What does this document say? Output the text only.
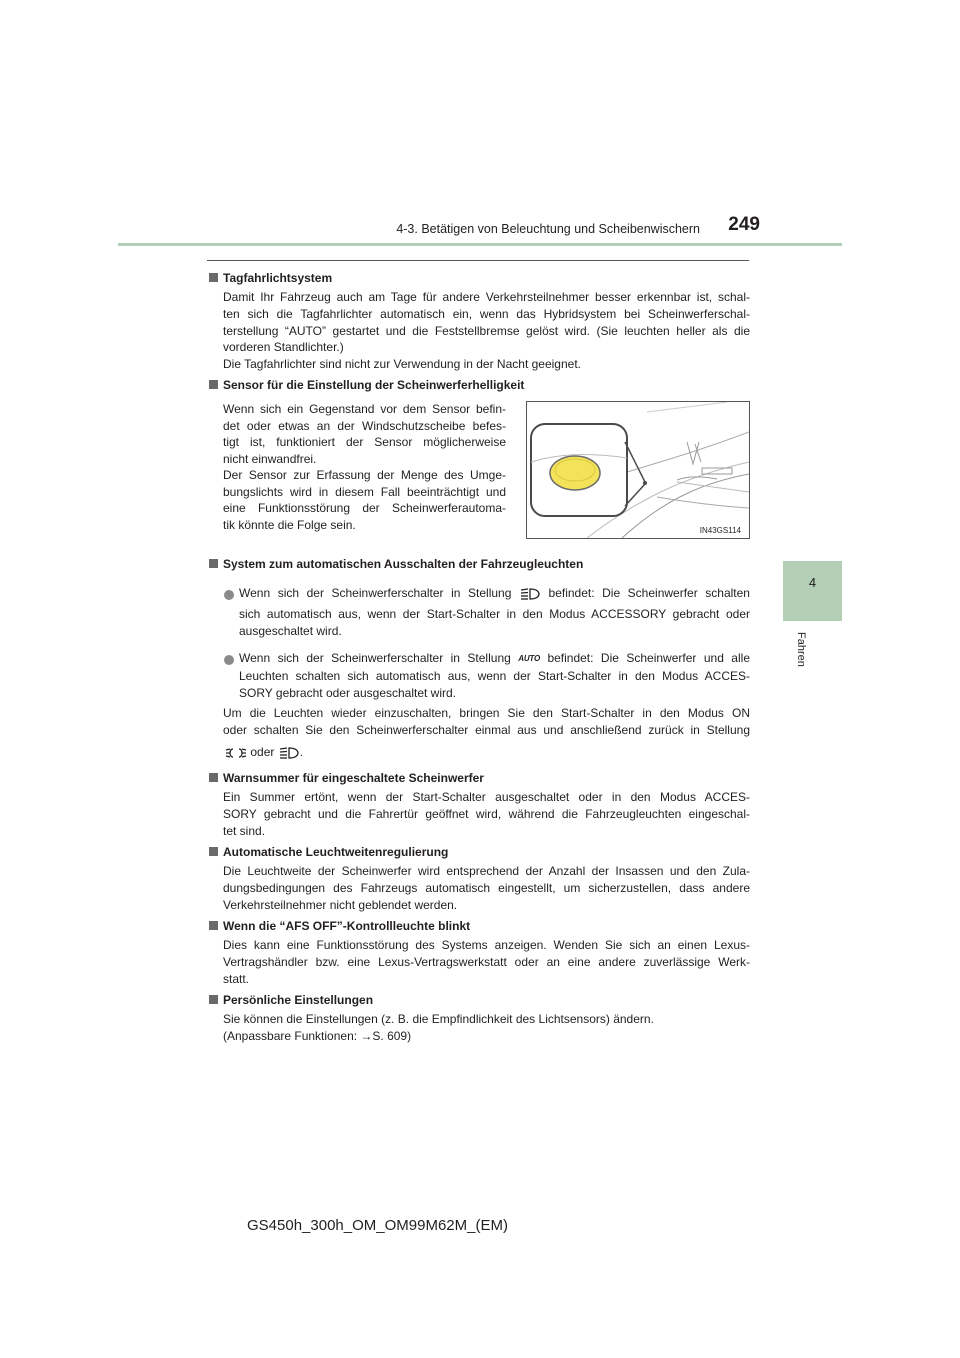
4-3. Betätigen von Beleuchtung und Scheibenwischern	249
4
Fahren
Tagfahrlichtsystem
Damit Ihr Fahrzeug auch am Tage für andere Verkehrsteilnehmer besser erkennbar ist, schal-
ten sich die Tagfahrlichter automatisch ein, wenn das Hybridsystem bei Scheinwerferschal-
terstellung “AUTO” gestartet und die Feststellbremse gelöst wird. (Sie leuchten heller als die
vorderen Standlichter.)
Die Tagfahrlichter sind nicht zur Verwendung in der Nacht geeignet.
Sensor für die Einstellung der Scheinwerferhelligkeit
Wenn sich ein Gegenstand vor dem Sensor befin-
det oder etwas an der Windschutzscheibe befes-
tigt ist, funktioniert der Sensor möglicherweise
nicht einwandfrei.
Der Sensor zur Erfassung der Menge des Umge-
bungslichts wird in diesem Fall beeinträchtigt und
eine Funktionsstörung der Scheinwerferautoma-
tik könnte die Folge sein.	IN43GS114
System zum automatischen Ausschalten der Fahrzeugleuchten
Wenn sich der Scheinwerferschalter in Stellung	befindet: Die Scheinwerfer schalten
sich automatisch aus, wenn der Start-Schalter in den Modus ACCESSORY gebracht oder
ausgeschaltet wird.
Wenn sich der Scheinwerferschalter in Stellung AUTO befindet: Die Scheinwerfer und alle
Leuchten schalten sich automatisch aus, wenn der Start-Schalter in den Modus ACCES-
SORY gebracht oder ausgeschaltet wird.
Um die Leuchten wieder einzuschalten, bringen Sie den Start-Schalter in den Modus ON
oder schalten Sie den Scheinwerferschalter einmal aus und anschließend zurück in Stellung
oder .
Warnsummer für eingeschaltete Scheinwerfer
Ein Summer ertönt, wenn der Start-Schalter ausgeschaltet oder in den Modus ACCES-
SORY gebracht und die Fahrertür geöffnet wird, während die Fahrzeugleuchten eingeschal-
tet sind.
Automatische Leuchtweitenregulierung
Die Leuchtweite der Scheinwerfer wird entsprechend der Anzahl der Insassen und den Zula-
dungsbedingungen des Fahrzeugs automatisch eingestellt, um sicherzustellen, dass andere
Verkehrsteilnehmer nicht geblendet werden.
Wenn die “AFS OFF”-Kontrollleuchte blinkt
Dies kann eine Funktionsstörung des Systems anzeigen. Wenden Sie sich an einen Lexus-
Vertragshändler bzw. eine Lexus-Vertragswerkstatt oder an eine andere zuverlässige Werk-
statt.
Persönliche Einstellungen
Sie können die Einstellungen (z. B. die Empfindlichkeit des Lichtsensors) ändern.
(Anpassbare Funktionen: →S. 609)
GS450h_300h_OM_OM99M62M_(EM)
